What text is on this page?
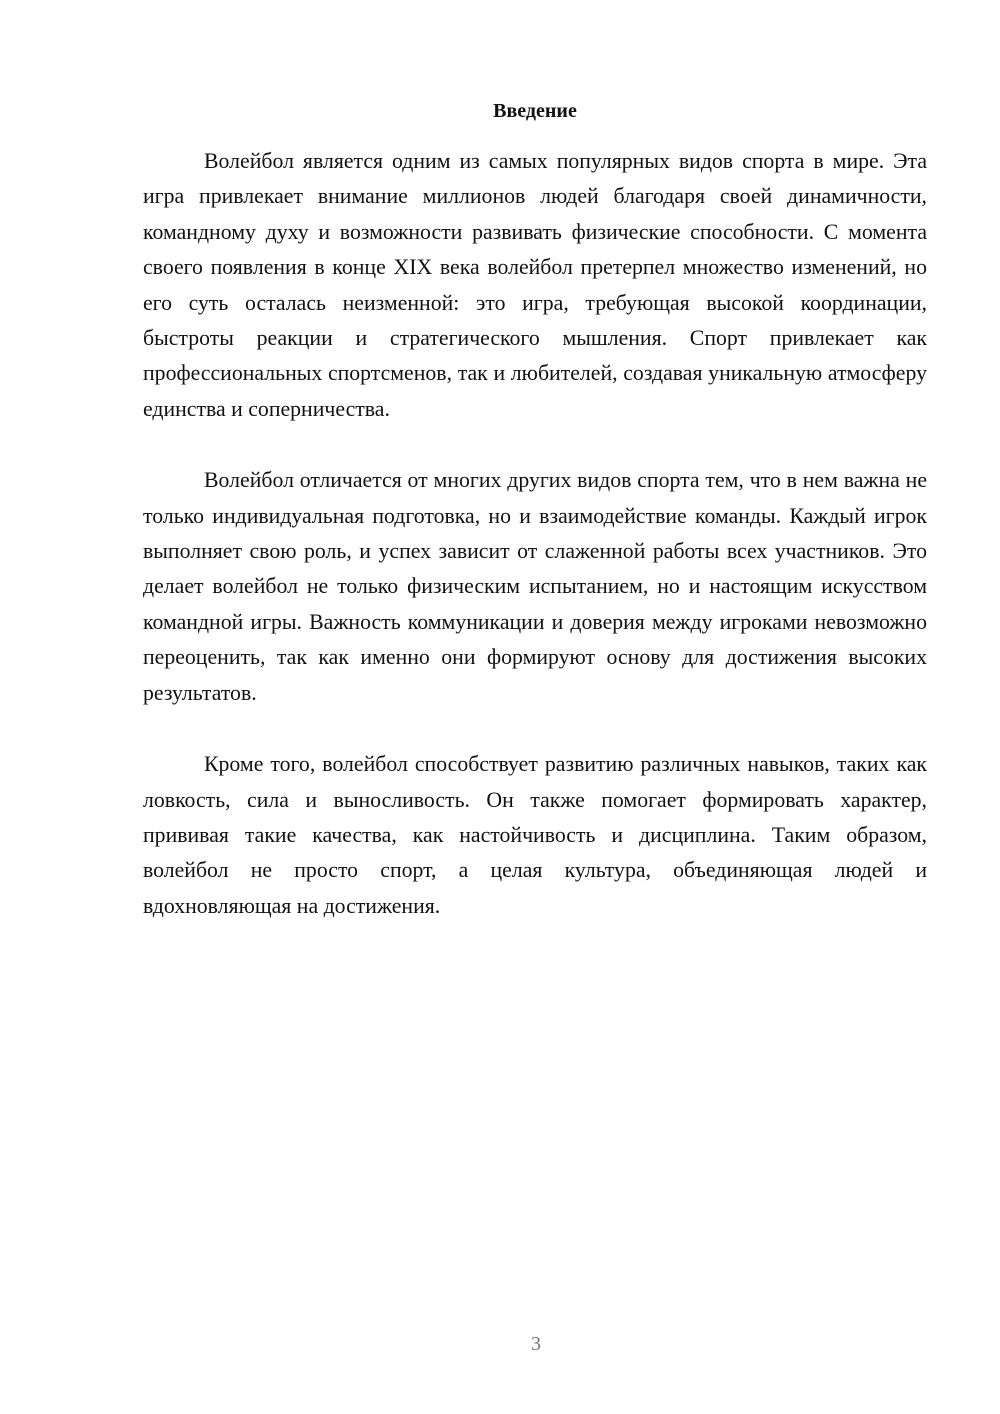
Введение

Волейбол является одним из самых популярных видов спорта в мире. Эта игра привлекает внимание миллионов людей благодаря своей динамичности, командному духу и возможности развивать физические способности. С момента своего появления в конце XIX века волейбол претерпел множество изменений, но его суть осталась неизменной: это игра, требующая высокой координации, быстроты реакции и стратегического мышления. Спорт привлекает как профессиональных спортсменов, так и любителей, создавая уникальную атмосферу единства и соперничества.

Волейбол отличается от многих других видов спорта тем, что в нем важна не только индивидуальная подготовка, но и взаимодействие команды. Каждый игрок выполняет свою роль, и успех зависит от слаженной работы всех участников. Это делает волейбол не только физическим испытанием, но и настоящим искусством командной игры. Важность коммуникации и доверия между игроками невозможно переоценить, так как именно они формируют основу для достижения высоких результатов.

Кроме того, волейбол способствует развитию различных навыков, таких как ловкость, сила и выносливость. Он также помогает формировать характер, прививая такие качества, как настойчивость и дисциплина. Таким образом, волейбол не просто спорт, а целая культура, объединяющая людей и вдохновляющая на достижения.

3
